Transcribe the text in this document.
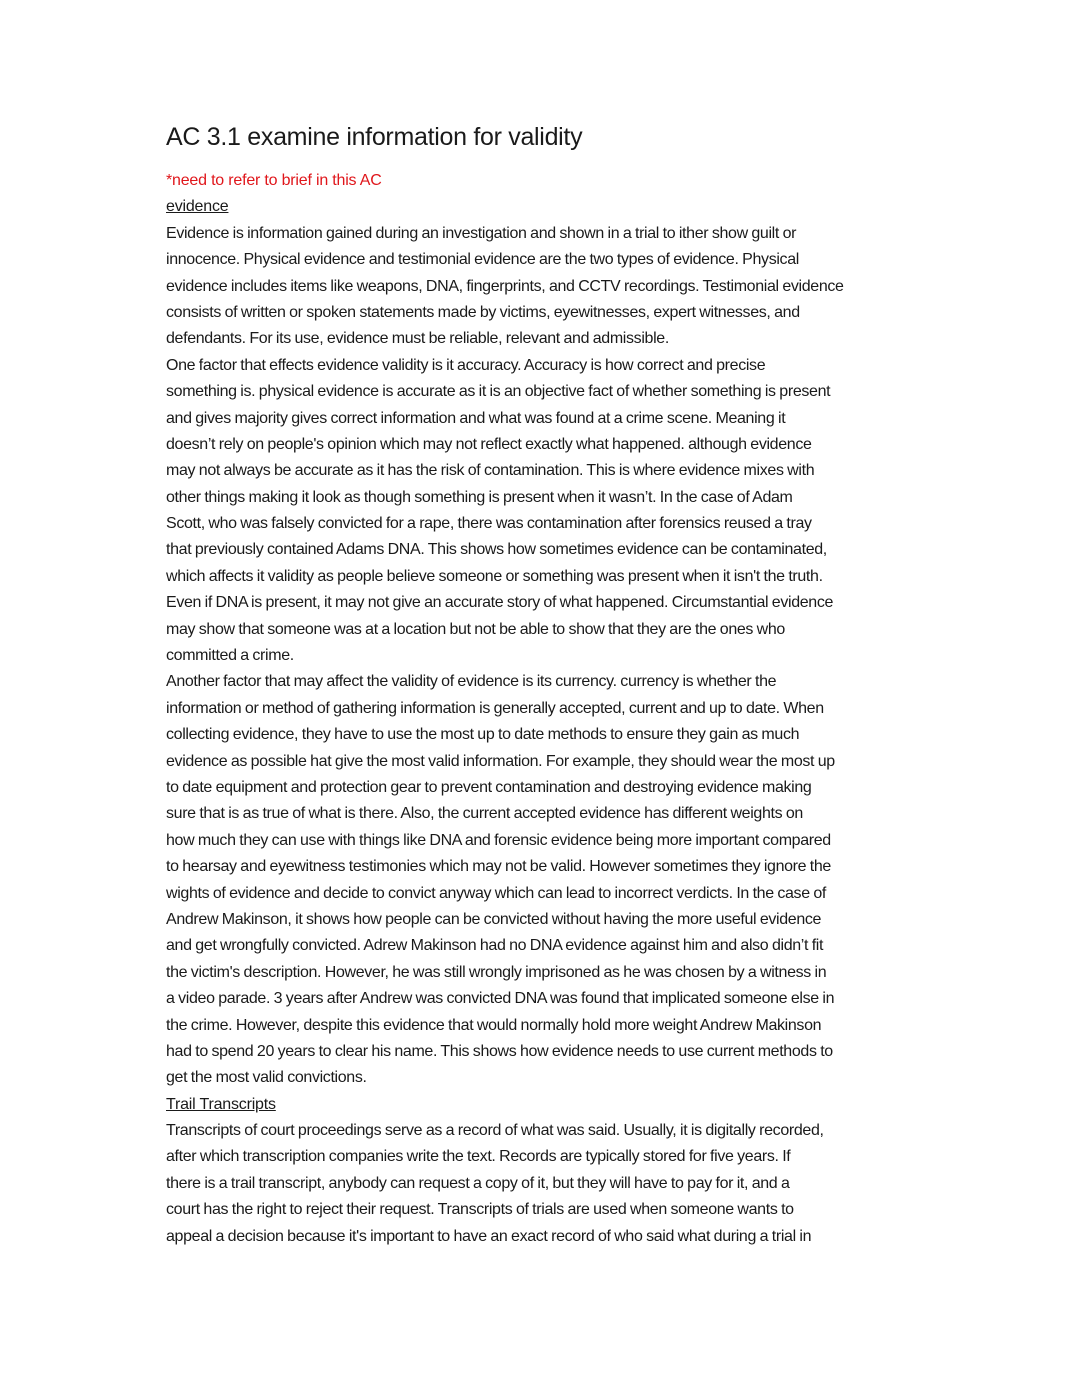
AC 3.1 examine information for validity
*need to refer to brief in this AC
evidence
Evidence is information gained during an investigation and shown in a trial to ither show guilt or
innocence. Physical evidence and testimonial evidence are the two types of evidence. Physical
evidence includes items like weapons, DNA, fingerprints, and CCTV recordings. Testimonial evidence
consists of written or spoken statements made by victims, eyewitnesses, expert witnesses, and
defendants. For its use, evidence must be reliable, relevant and admissible.
One factor that effects evidence validity is it accuracy. Accuracy is how correct and precise
something is. physical evidence is accurate as it is an objective fact of whether something is present
and gives majority gives correct information and what was found at a crime scene. Meaning it
doesn’t rely on people's opinion which may not reflect exactly what happened. although evidence
may not always be accurate as it has the risk of contamination. This is where evidence mixes with
other things making it look as though something is present when it wasn’t. In the case of Adam
Scott, who was falsely convicted for a rape, there was contamination after forensics reused a tray
that previously contained Adams DNA. This shows how sometimes evidence can be contaminated,
which affects it validity as people believe someone or something was present when it isn't the truth.
Even if DNA is present, it may not give an accurate story of what happened. Circumstantial evidence
may show that someone was at a location but not be able to show that they are the ones who
committed a crime.
Another factor that may affect the validity of evidence is its currency. currency is whether the
information or method of gathering information is generally accepted, current and up to date. When
collecting evidence, they have to use the most up to date methods to ensure they gain as much
evidence as possible hat give the most valid information. For example, they should wear the most up
to date equipment and protection gear to prevent contamination and destroying evidence making
sure that is as true of what is there. Also, the current accepted evidence has different weights on
how much they can use with things like DNA and forensic evidence being more important compared
to hearsay and eyewitness testimonies which may not be valid. However sometimes they ignore the
wights of evidence and decide to convict anyway which can lead to incorrect verdicts. In the case of
Andrew Makinson, it shows how people can be convicted without having the more useful evidence
and get wrongfully convicted. Adrew Makinson had no DNA evidence against him and also didn’t fit
the victim's description. However, he was still wrongly imprisoned as he was chosen by a witness in
a video parade. 3 years after Andrew was convicted DNA was found that implicated someone else in
the crime. However, despite this evidence that would normally hold more weight Andrew Makinson
had to spend 20 years to clear his name. This shows how evidence needs to use current methods to
get the most valid convictions.
Trail Transcripts
Transcripts of court proceedings serve as a record of what was said. Usually, it is digitally recorded,
after which transcription companies write the text. Records are typically stored for five years. If
there is a trail transcript, anybody can request a copy of it, but they will have to pay for it, and a
court has the right to reject their request. Transcripts of trials are used when someone wants to
appeal a decision because it's important to have an exact record of who said what during a trial in
